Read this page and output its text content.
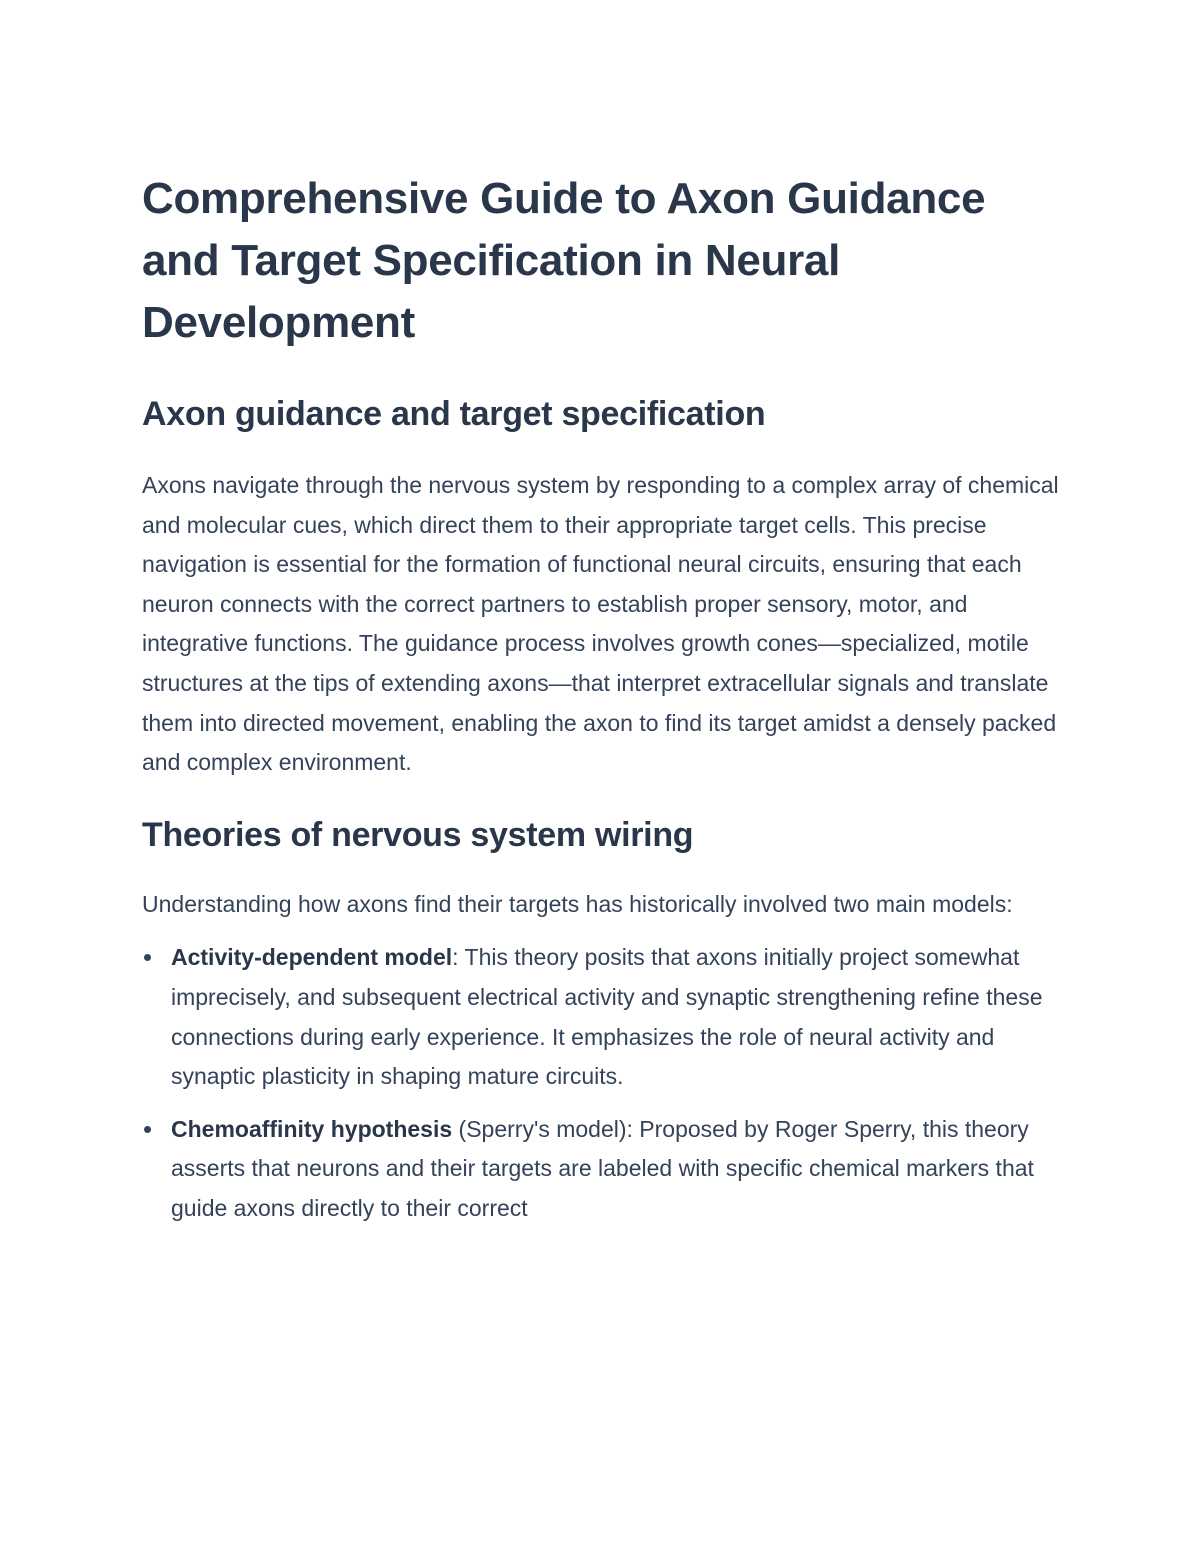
Comprehensive Guide to Axon Guidance and Target Specification in Neural Development
Axon guidance and target specification

Axons navigate through the nervous system by responding to a complex array of chemical and molecular cues, which direct them to their appropriate target cells. This precise navigation is essential for the formation of functional neural circuits, ensuring that each neuron connects with the correct partners to establish proper sensory, motor, and integrative functions. The guidance process involves growth cones—specialized, motile structures at the tips of extending axons—that interpret extracellular signals and translate them into directed movement, enabling the axon to find its target amidst a densely packed and complex environment.

Theories of nervous system wiring

Understanding how axons find their targets has historically involved two main models:

Activity-dependent model: This theory posits that axons initially project somewhat imprecisely, and subsequent electrical activity and synaptic strengthening refine these connections during early experience. It emphasizes the role of neural activity and synaptic plasticity in shaping mature circuits.
Chemoaffinity hypothesis (Sperry's model): Proposed by Roger Sperry, this theory asserts that neurons and their targets are labeled with specific chemical markers that guide axons directly to their correct
